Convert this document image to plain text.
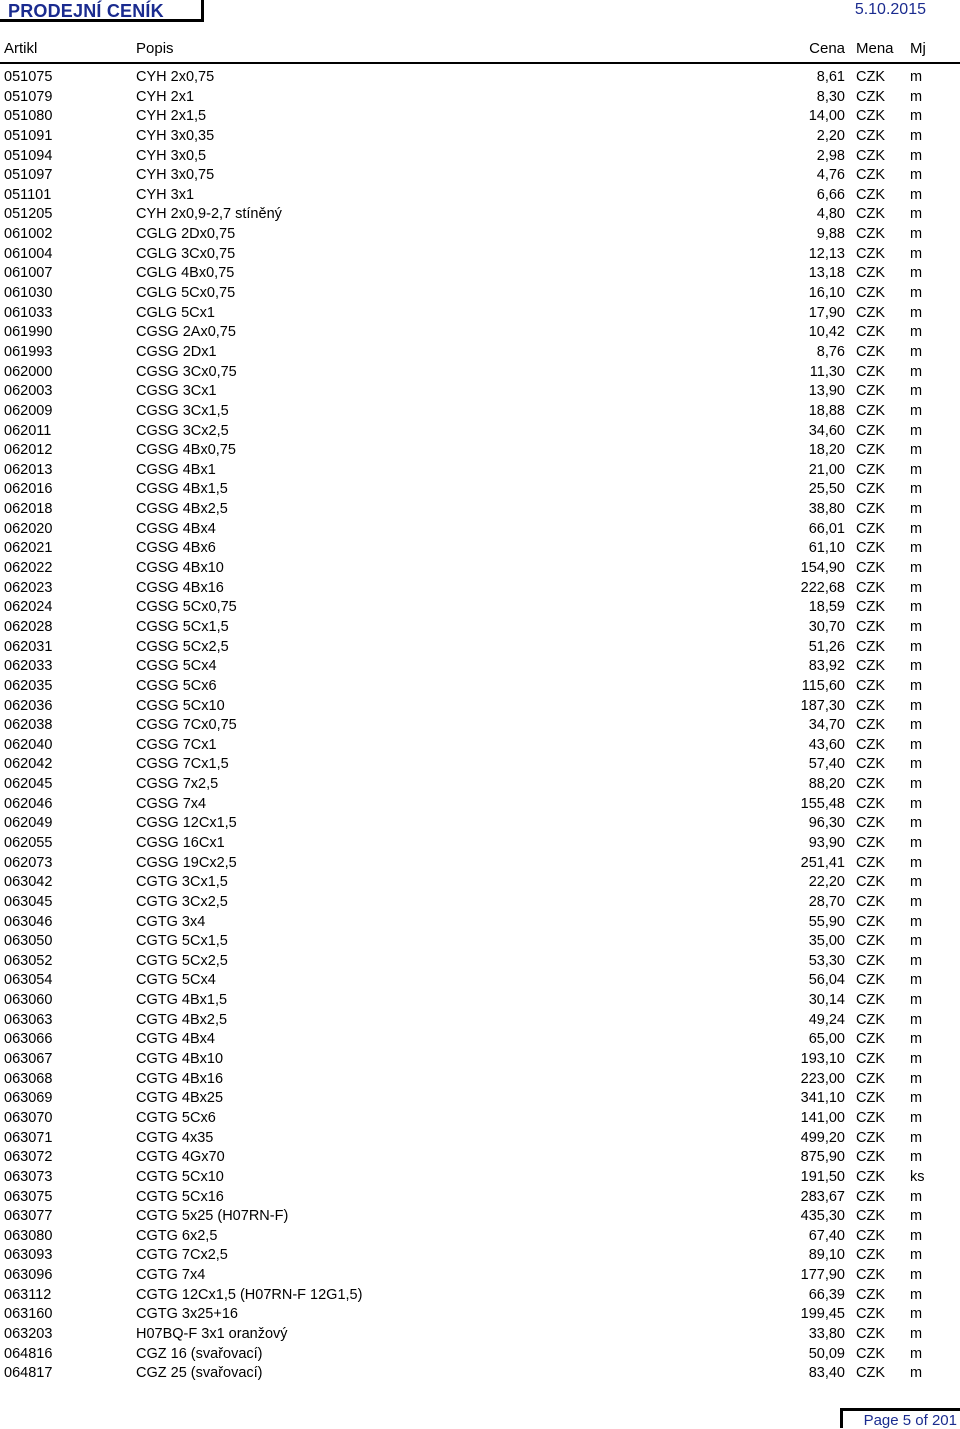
PRODEJNÍ CENÍK	5.10.2015
Artikl	Popis	Cena Mena Mj
051075	CYH 2x0,75	8,61 CZK m
051079	CYH 2x1	8,30 CZK m
051080	CYH 2x1,5	14,00 CZK m
051091	CYH 3x0,35	2,20 CZK m
051094	CYH 3x0,5	2,98 CZK m
051097	CYH 3x0,75	4,76 CZK m
051101	CYH 3x1	6,66 CZK m
051205	CYH 2x0,9-2,7 stíněný	4,80 CZK m
061002	CGLG 2Dx0,75	9,88 CZK m
061004	CGLG 3Cx0,75	12,13 CZK m
061007	CGLG 4Bx0,75	13,18 CZK m
061030	CGLG 5Cx0,75	16,10 CZK m
061033	CGLG 5Cx1	17,90 CZK m
061990	CGSG 2Ax0,75	10,42 CZK m
061993	CGSG 2Dx1	8,76 CZK m
062000	CGSG 3Cx0,75	11,30 CZK m
062003	CGSG 3Cx1	13,90 CZK m
062009	CGSG 3Cx1,5	18,88 CZK m
062011	CGSG 3Cx2,5	34,60 CZK m
062012	CGSG 4Bx0,75	18,20 CZK m
062013	CGSG 4Bx1	21,00 CZK m
062016	CGSG 4Bx1,5	25,50 CZK m
062018	CGSG 4Bx2,5	38,80 CZK m
062020	CGSG 4Bx4	66,01 CZK m
062021	CGSG 4Bx6	61,10 CZK m
062022	CGSG 4Bx10	154,90 CZK m
062023	CGSG 4Bx16	222,68 CZK m
062024	CGSG 5Cx0,75	18,59 CZK m
062028	CGSG 5Cx1,5	30,70 CZK m
062031	CGSG 5Cx2,5	51,26 CZK m
062033	CGSG 5Cx4	83,92 CZK m
062035	CGSG 5Cx6	115,60 CZK m
062036	CGSG 5Cx10	187,30 CZK m
062038	CGSG 7Cx0,75	34,70 CZK m
062040	CGSG 7Cx1	43,60 CZK m
062042	CGSG 7Cx1,5	57,40 CZK m
062045	CGSG 7x2,5	88,20 CZK m
062046	CGSG 7x4	155,48 CZK m
062049	CGSG 12Cx1,5	96,30 CZK m
062055	CGSG 16Cx1	93,90 CZK m
062073	CGSG 19Cx2,5	251,41 CZK m
063042	CGTG 3Cx1,5	22,20 CZK m
063045	CGTG 3Cx2,5	28,70 CZK m
063046	CGTG 3x4	55,90 CZK m
063050	CGTG 5Cx1,5	35,00 CZK m
063052	CGTG 5Cx2,5	53,30 CZK m
063054	CGTG 5Cx4	56,04 CZK m
063060	CGTG 4Bx1,5	30,14 CZK m
063063	CGTG 4Bx2,5	49,24 CZK m
063066	CGTG 4Bx4	65,00 CZK m
063067	CGTG 4Bx10	193,10 CZK m
063068	CGTG 4Bx16	223,00 CZK m
063069	CGTG 4Bx25	341,10 CZK m
063070	CGTG 5Cx6	141,00 CZK m
063071	CGTG 4x35	499,20 CZK m
063072	CGTG 4Gx70	875,90 CZK m
063073	CGTG 5Cx10	191,50 CZK ks
063075	CGTG 5Cx16	283,67 CZK m
063077	CGTG 5x25 (H07RN-F)	435,30 CZK m
063080	CGTG 6x2,5	67,40 CZK m
063093	CGTG 7Cx2,5	89,10 CZK m
063096	CGTG 7x4	177,90 CZK m
063112	CGTG 12Cx1,5 (H07RN-F 12G1,5)	66,39 CZK m
063160	CGTG 3x25+16	199,45 CZK m
063203	H07BQ-F 3x1 oranžový	33,80 CZK m
064816	CGZ 16 (svařovací)	50,09 CZK m
064817	CGZ 25 (svařovací)	83,40 CZK m
Page 5 of 201
